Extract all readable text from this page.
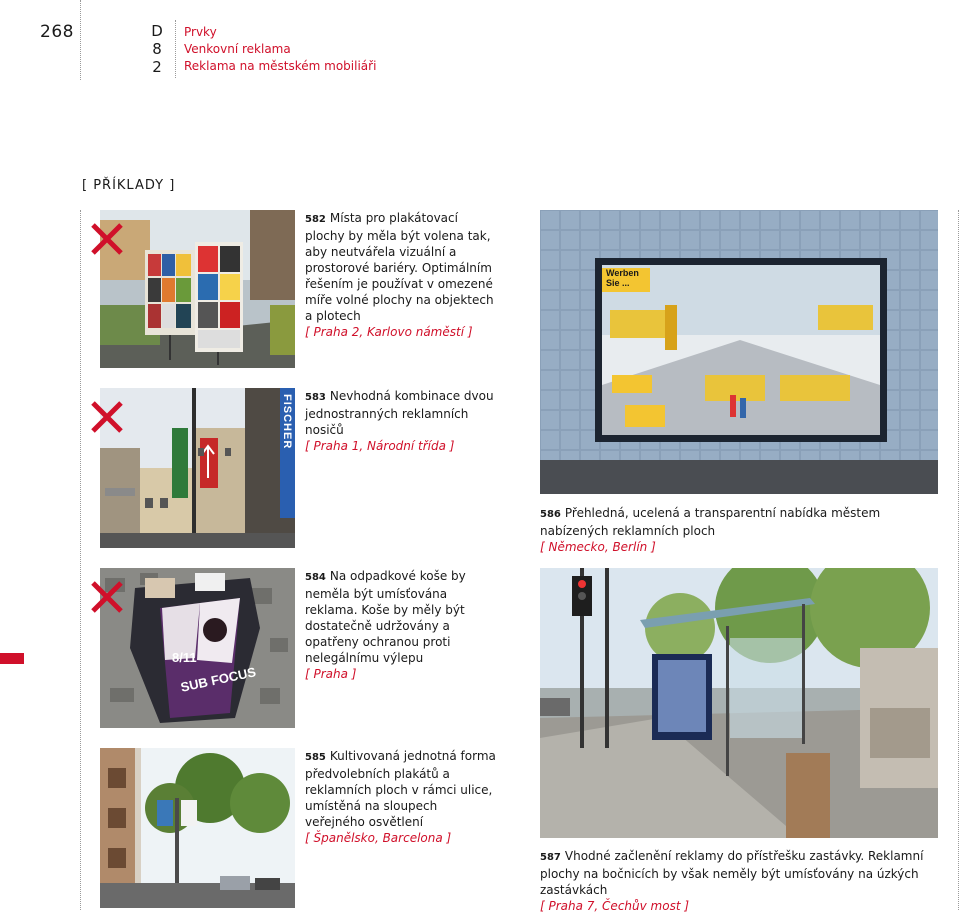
268	D
8
2
Prvky
Venkovní reklama
Reklama na městském mobiliáři
[ PŘÍKLADY ]
582 Místa pro plakátovací plochy by měla být volena tak, aby neutvářela vizuální a prostorové bariéry. Optimálním řešením je používat v omezené míře volné plochy na objektech a plotech
[ Praha 2, Karlovo náměstí ]
FISCHER 583 Nevhodná kombinace dvou jednostranných reklamních nosičů
[ Praha 1, Národní třída ]
SUB FOCUS
8/11
584 Na odpadkové koše by neměla být umísťována reklama. Koše by měly být dostatečně udržovány a opatřeny ochranou proti nelegálnímu výlepu
[ Praha ]
585 Kultivovaná jednotná forma předvolebních plakátů a reklamních ploch v rámci ulice, umístěná na sloupech veřejného osvětlení
[ Španělsko, Barcelona ]
Werben Sie ...
586 Přehledná, ucelená a transparentní nabídka městem nabízených reklamních ploch
[ Německo, Berlín ]
587 Vhodné začlenění reklamy do přístřešku zastávky. Reklamní plochy na bočnicích by však neměly být umísťovány na úzkých zastávkách
[ Praha 7, Čechův most ]
